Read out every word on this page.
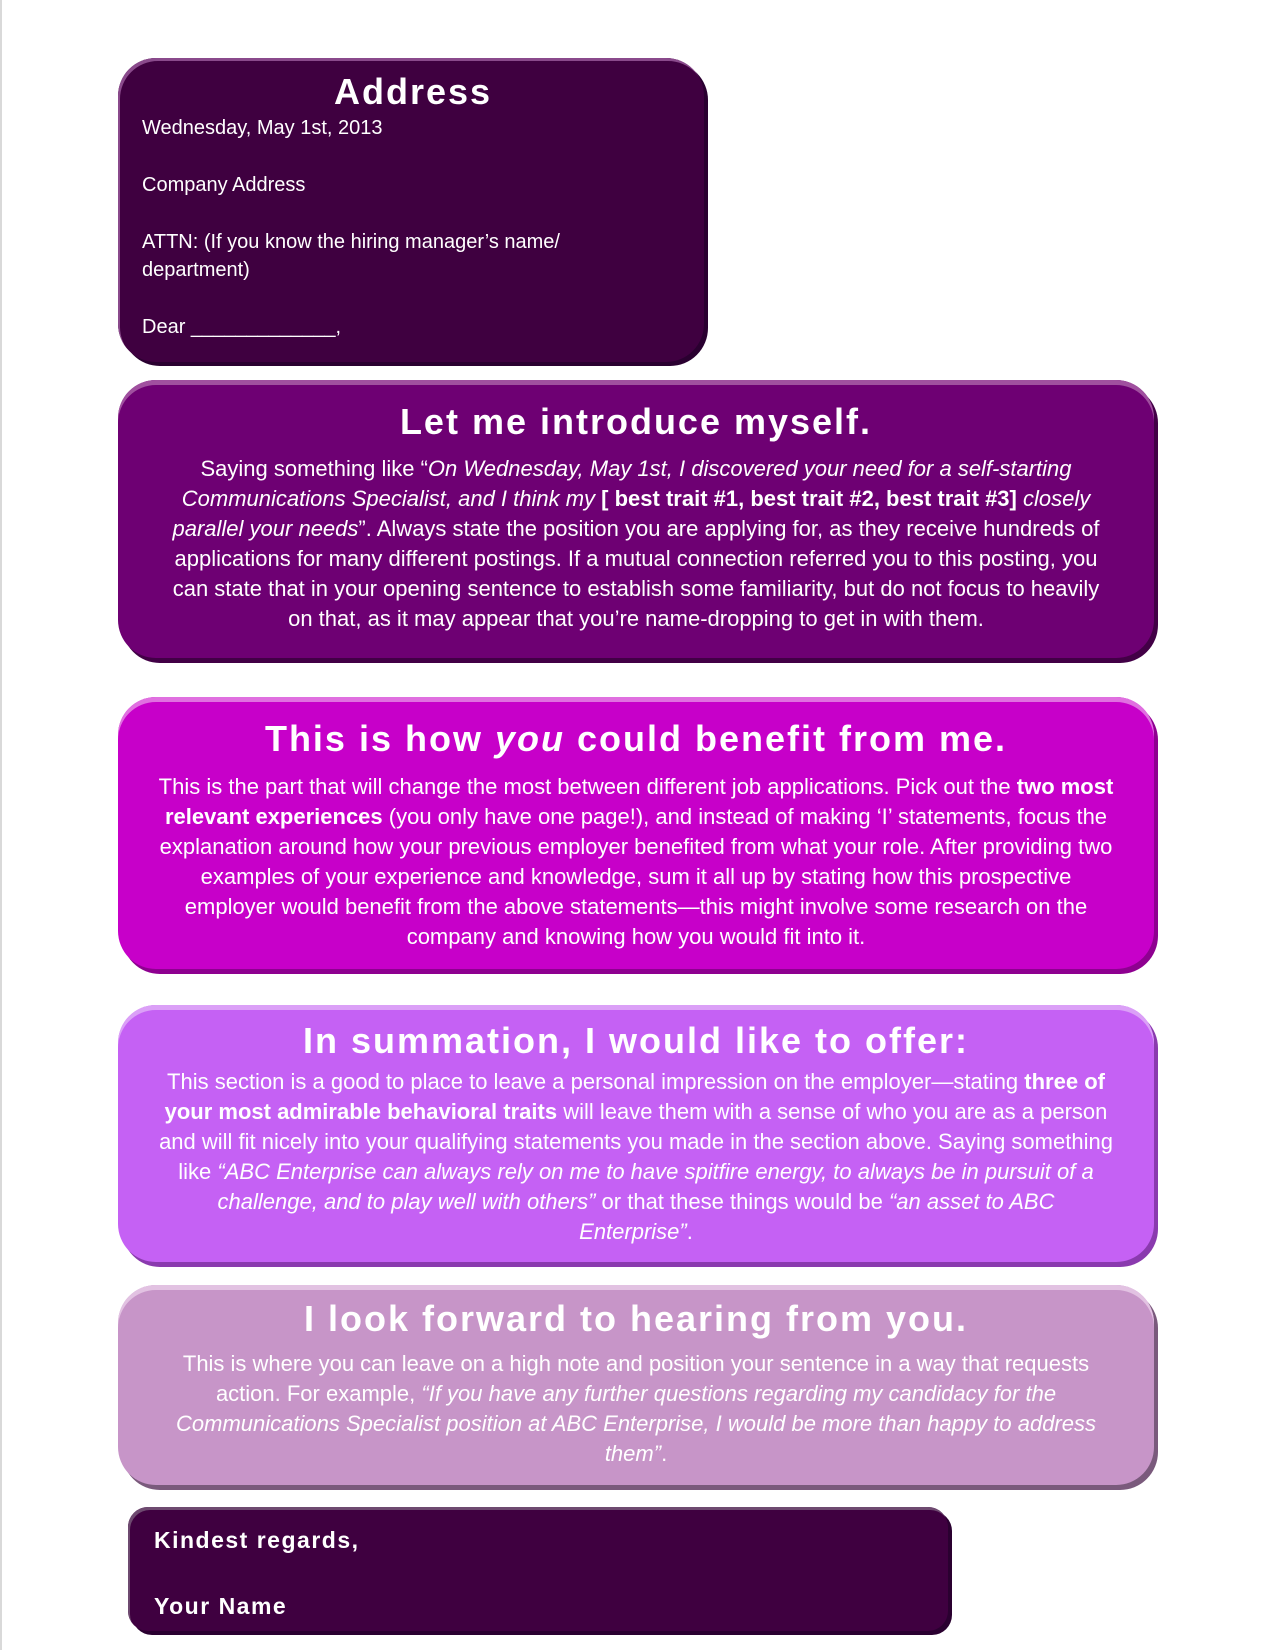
Address
Wednesday, May 1st, 2013
Company Address
ATTN: (If you know the hiring manager’s name/
department)
Dear _____________,
Let me introduce myself.

Saying something like “On Wednesday, May 1st, I discovered your need for a self-starting Communications Specialist, and I think my [ best trait #1, best trait #2, best trait #3] closely parallel your needs”. Always state the position you are applying for, as they receive hundreds of applications for many different postings. If a mutual connection referred you to this posting, you can state that in your opening sentence to establish some familiarity, but do not focus to heavily on that, as it may appear that you’re name-dropping to get in with them.

This is how you could benefit from me.

This is the part that will change the most between different job applications. Pick out the two most relevant experiences (you only have one page!), and instead of making ‘I’ statements, focus the explanation around how your previous employer benefited from what your role. After providing two examples of your experience and knowledge, sum it all up by stating how this prospective employer would benefit from the above statements—this might involve some research on the company and knowing how you would fit into it.

In summation, I would like to offer:

This section is a good to place to leave a personal impression on the employer—stating three of your most admirable behavioral traits will leave them with a sense of who you are as a person and will fit nicely into your qualifying statements you made in the section above. Saying something like “ABC Enterprise can always rely on me to have spitfire energy, to always be in pursuit of a challenge, and to play well with others” or that these things would be “an asset to ABC Enterprise”.

I look forward to hearing from you.

This is where you can leave on a high note and position your sentence in a way that requests action. For example, “If you have any further questions regarding my candidacy for the Communications Specialist position at ABC Enterprise, I would be more than happy to address them”.

Kindest regards,
Your Name
